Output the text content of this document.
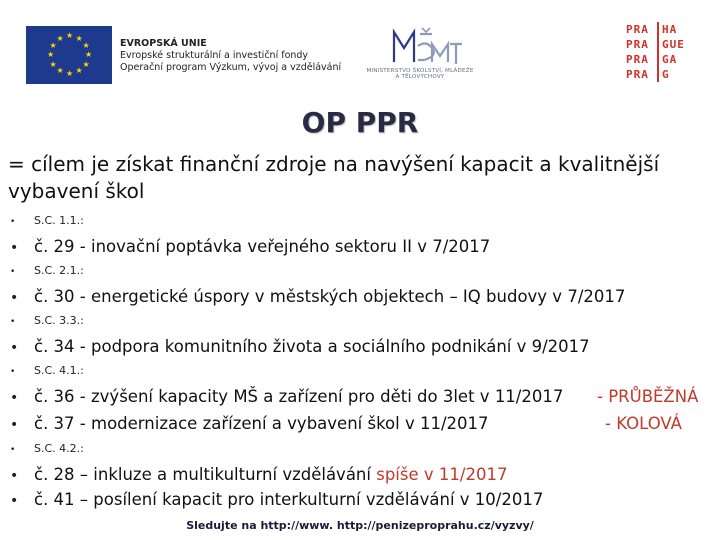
★ ★
★
★
★
★
★
★
★
★
★
★	EVROPSKÁ UNIE
Evropské strukturální a investiční fondy
Operační program Výzkum, vývoj a vzdělávání	MINISTERSTVO ŠKOLSTVÍ, MLÁDEŽE A TĚLOVÝCHOVY
PRA	HA
PRA	GUE
PRA	GA
PRA	G
OP PPR
= cílem je získat finanční zdroje na navýšení kapacit a kvalitnější vybavení škol
• S.C. 1.1.:
• č. 29 - inovační poptávka veřejného sektoru II v 7/2017
• S.C. 2.1.:
• č. 30 - energetické úspory v městských objektech – IQ budovy v 7/2017
• S.C. 3.3.:
• č. 34 - podpora komunitního života a sociálního podnikání v 9/2017
• S.C. 4.1.:
• č. 36 - zvýšení kapacity MŠ a zařízení pro děti do 3let v 11/2017 - PRŮBĚŽNÁ
• č. 37 - modernizace zařízení a vybavení škol v 11/2017	- KOLOVÁ
• S.C. 4.2.:
• č. 28 – inkluze a multikulturní vzdělávání spíše v 11/2017
• č. 41 – posílení kapacit pro interkulturní vzdělávání v 10/2017
Sledujte na http://www. http://penizeproprahu.cz/vyzvy/
